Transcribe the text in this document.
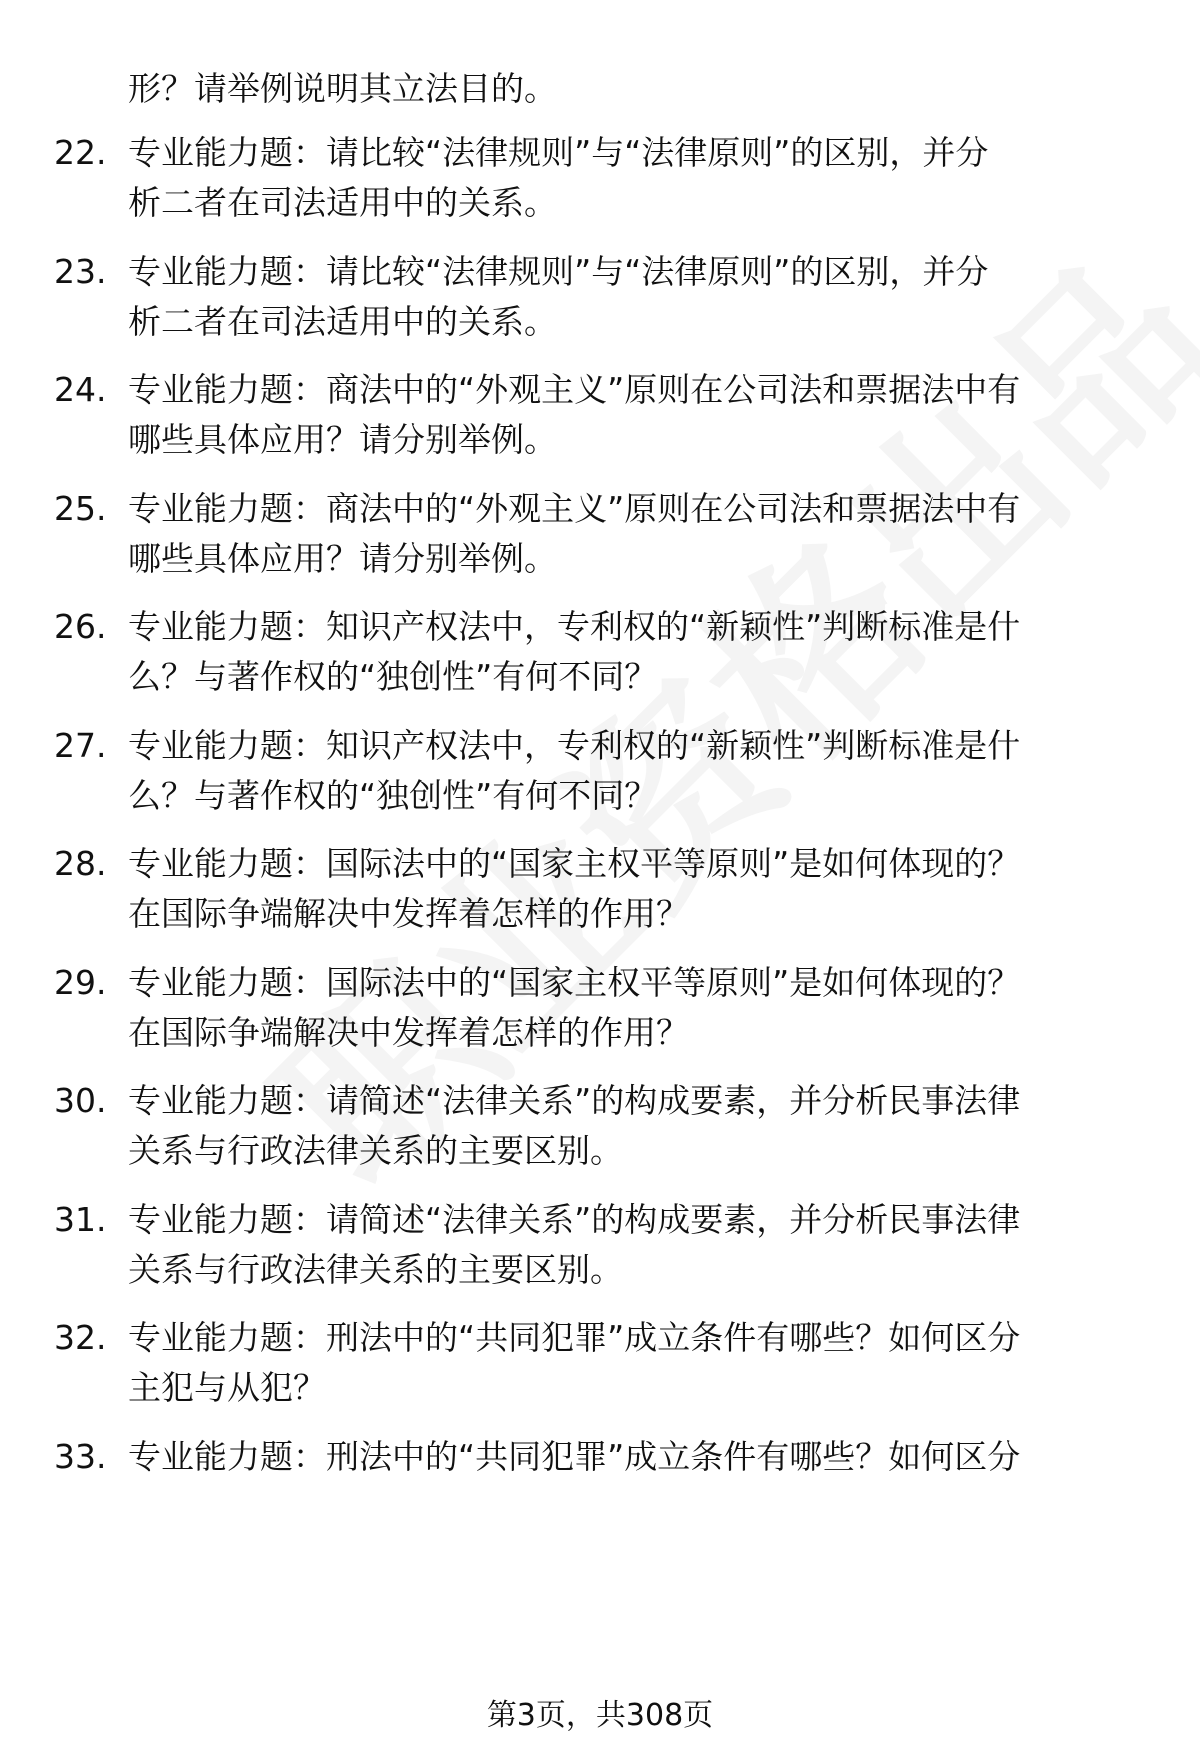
形？请举例说明其立法目的。
22. 专业能力题：请比较“法律规则”与“法律原则”的区别，并分
析二者在司法适用中的关系。
23. 专业能力题：请比较“法律规则”与“法律原则”的区别，并分
析二者在司法适用中的关系。
24. 专业能力题：商法中的“外观主义”原则在公司法和票据法中有
哪些具体应用？请分别举例。
25. 专业能力题：商法中的“外观主义”原则在公司法和票据法中有
哪些具体应用？请分别举例。
26. 专业能力题：知识产权法中，专利权的“新颖性”判断标准是什
么？与著作权的“独创性”有何不同？
27. 专业能力题：知识产权法中，专利权的“新颖性”判断标准是什
么？与著作权的“独创性”有何不同？
28. 专业能力题：国际法中的“国家主权平等原则”是如何体现的？
在国际争端解决中发挥着怎样的作用？
29. 专业能力题：国际法中的“国家主权平等原则”是如何体现的？
在国际争端解决中发挥着怎样的作用？
30. 专业能力题：请简述“法律关系”的构成要素，并分析民事法律
关系与行政法律关系的主要区别。
31. 专业能力题：请简述“法律关系”的构成要素，并分析民事法律
关系与行政法律关系的主要区别。
32. 专业能力题：刑法中的“共同犯罪”成立条件有哪些？如何区分
主犯与从犯？
33. 专业能力题：刑法中的“共同犯罪”成立条件有哪些？如何区分
第3页，共308页
